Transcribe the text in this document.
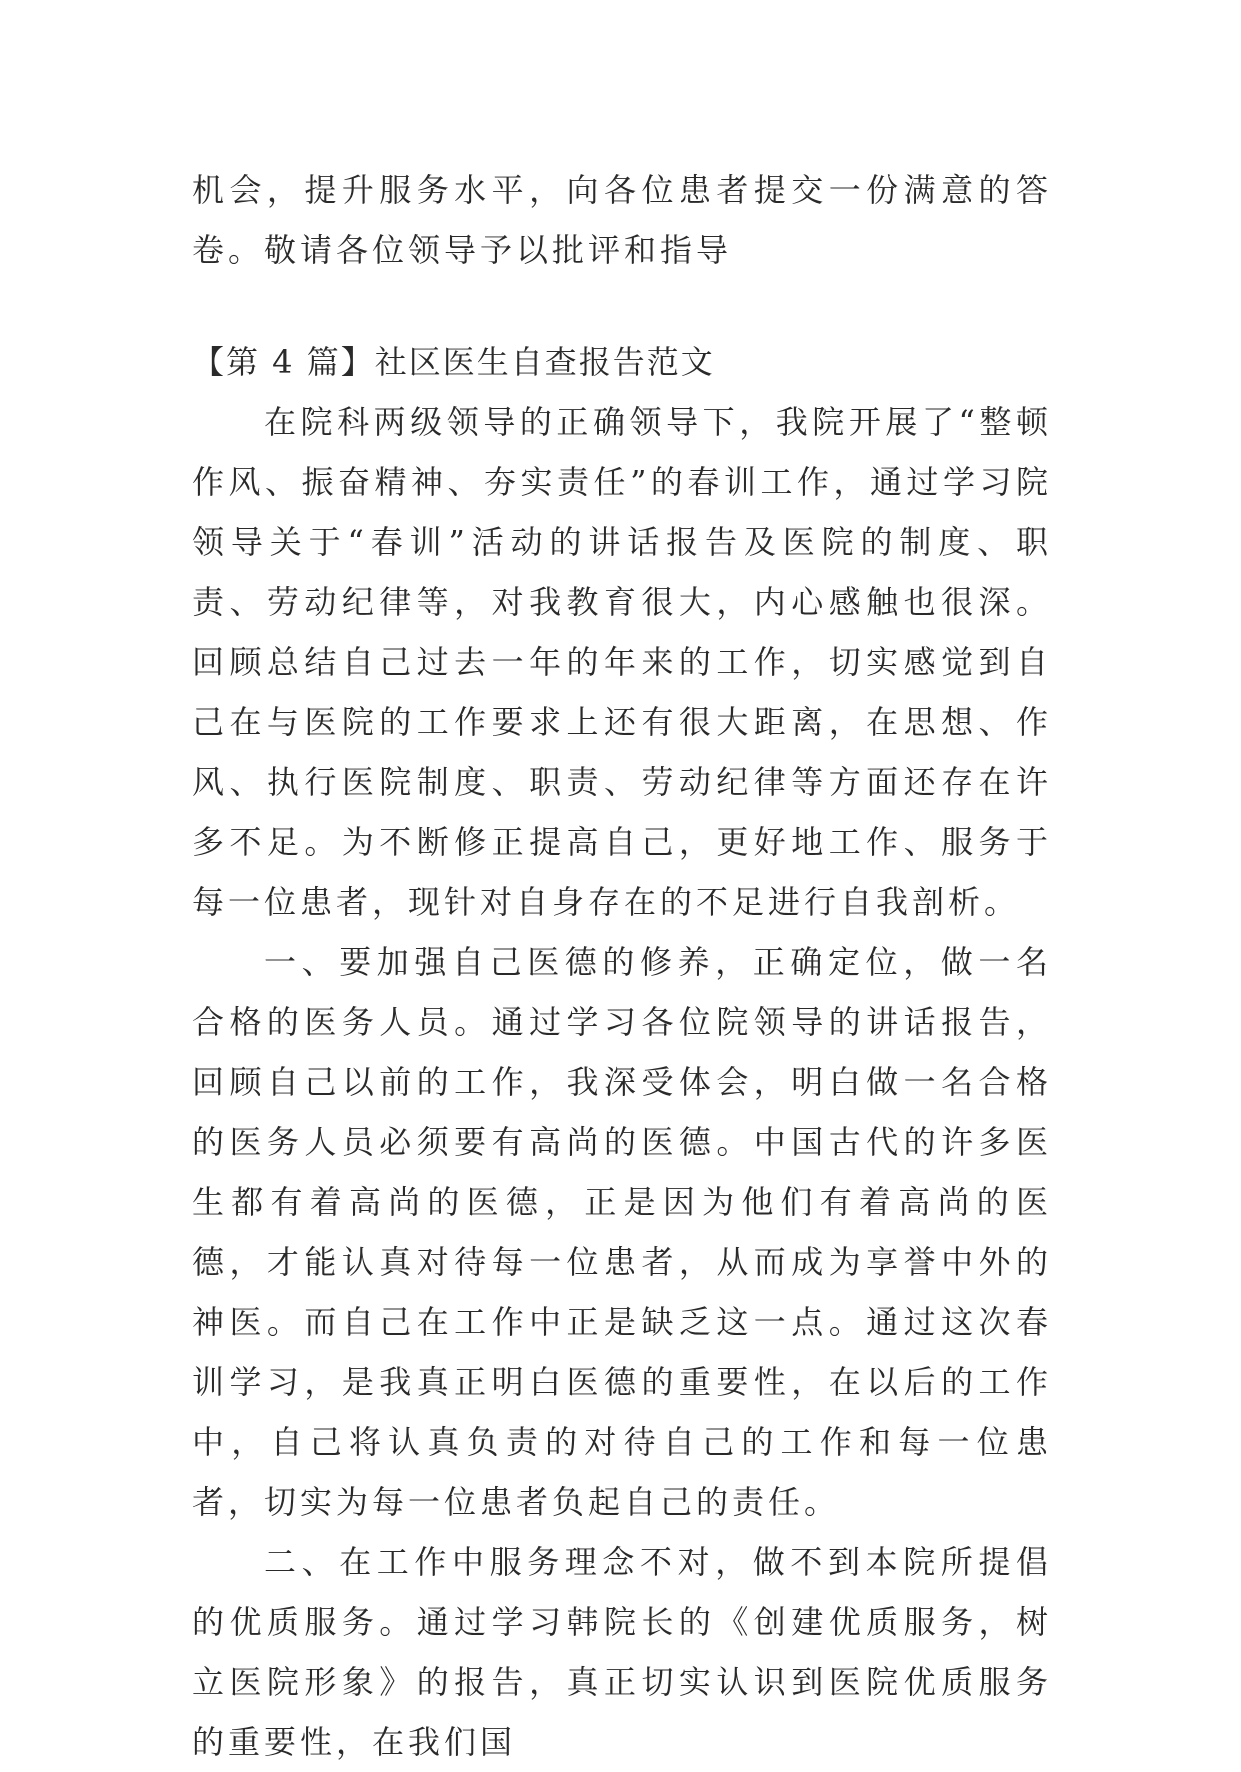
机会，提升服务水平，向各位患者提交一份满意的答卷。敬请各位领导予以批评和指导

【第 4 篇】社区医生自查报告范文

在院科两级领导的正确领导下，我院开展了“整顿作风、振奋精神、夯实责任”的春训工作，通过学习院领导关于“春训”活动的讲话报告及医院的制度、职责、劳动纪律等，对我教育很大，内心感触也很深。回顾总结自己过去一年的年来的工作，切实感觉到自己在与医院的工作要求上还有很大距离，在思想、作风、执行医院制度、职责、劳动纪律等方面还存在许多不足。为不断修正提高自己，更好地工作、服务于每一位患者，现针对自身存在的不足进行自我剖析。

一、要加强自己医德的修养，正确定位，做一名合格的医务人员。通过学习各位院领导的讲话报告，回顾自己以前的工作，我深受体会，明白做一名合格的医务人员必须要有高尚的医德。中国古代的许多医生都有着高尚的医德，正是因为他们有着高尚的医德，才能认真对待每一位患者，从而成为享誉中外的神医。而自己在工作中正是缺乏这一点。通过这次春训学习，是我真正明白医德的重要性，在以后的工作中，自己将认真负责的对待自己的工作和每一位患者，切实为每一位患者负起自己的责任。

二、在工作中服务理念不对，做不到本院所提倡的优质服务。通过学习韩院长的《创建优质服务，树立医院形象》的报告，真正切实认识到医院优质服务的重要性，在我们国
